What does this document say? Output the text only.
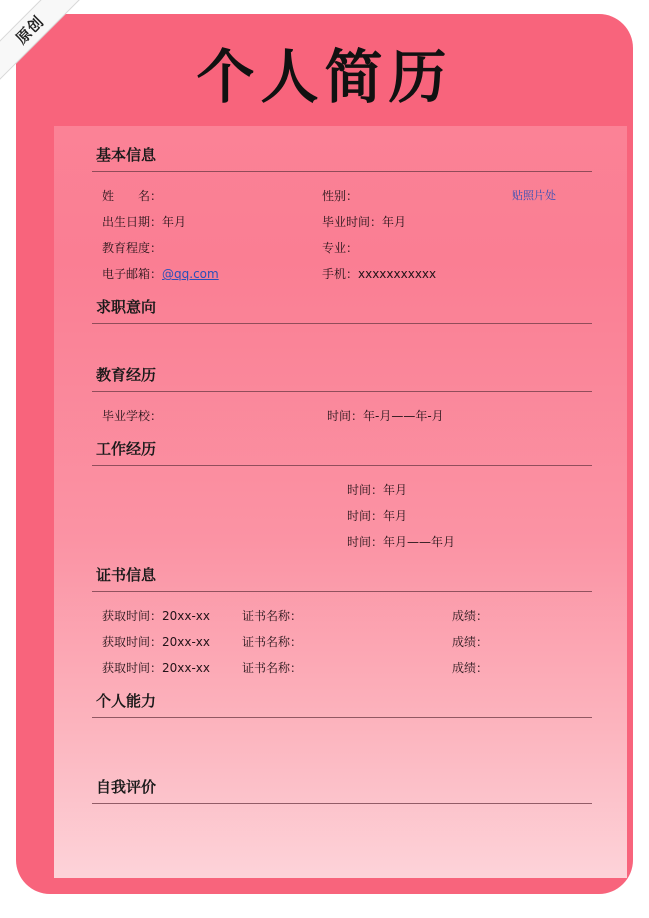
个人简历
基本信息
姓　　名：	性别：	贴照片处
出生日期：年月	毕业时间：年月
教育程度：	专业：
电子邮箱：@qq.com	手机：xxxxxxxxxxx
求职意向
教育经历
毕业学校：	时间：年-月——年-月
工作经历
时间：年月
时间：年月
时间：年月——年月
证书信息
获取时间：20xx-xx	证书名称：	成绩：
获取时间：20xx-xx	证书名称：	成绩：
获取时间：20xx-xx	证书名称：	成绩：
个人能力
自我评价
原创
